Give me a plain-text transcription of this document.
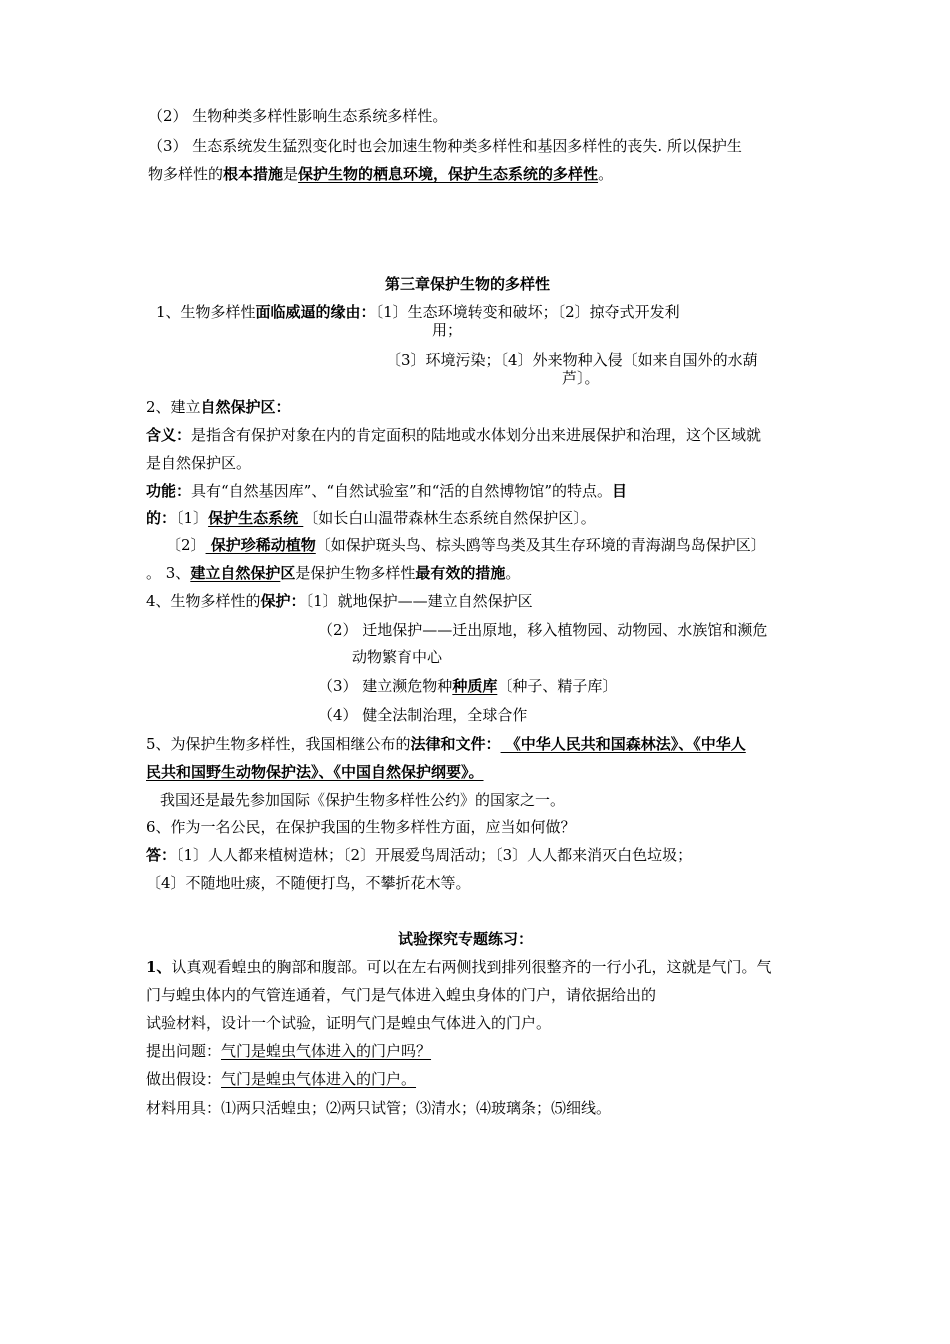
（2） 生物种类多样性影响生态系统多样性。
（3） 生态系统发生猛烈变化时也会加速生物种类多样性和基因多样性的丧失. 所以保护生
物多样性的根本措施是保护生物的栖息环境，保护生态系统的多样性。
第三章保护生物的多样性
1、生物多样性面临威逼的缘由：〔1〕生态环境转变和破坏；〔2〕掠夺式开发利
用；
〔3〕环境污染；〔4〕外来物种入侵〔如来自国外的水葫
芦〕。
2、建立自然保护区：
含义：是指含有保护对象在内的肯定面积的陆地或水体划分出来进展保护和治理，这个区域就
是自然保护区。
功能：具有“自然基因库”、“自然试验室”和“活的自然博物馆”的特点。目
的：〔1〕保护生态系统 〔如长白山温带森林生态系统自然保护区〕。
〔2〕 保护珍稀动植物〔如保护斑头鸟、棕头鸥等鸟类及其生存环境的青海湖鸟岛保护区〕
。 3、建立自然保护区是保护生物多样性最有效的措施。
4、生物多样性的保护：〔1〕就地保护——建立自然保护区
（2） 迁地保护——迁出原地，移入植物园、动物园、水族馆和濒危
动物繁育中心
（3） 建立濒危物种种质库〔种子、精子库〕
（4） 健全法制治理，全球合作
5、为保护生物多样性，我国相继公布的法律和文件： 《中华人民共和国森林法》、《中华人
民共和国野生动物保护法》、《中国自然保护纲要》。
我国还是最先参加国际《保护生物多样性公约》的国家之一。
6、作为一名公民，在保护我国的生物多样性方面，应当如何做？
答：〔1〕人人都来植树造林；〔2〕开展爱鸟周活动；〔3〕人人都来消灭白色垃圾；
〔4〕不随地吐痰，不随便打鸟，不攀折花木等。
试验探究专题练习：
1、认真观看蝗虫的胸部和腹部。可以在左右两侧找到排列很整齐的一行小孔，这就是气门。气
门与蝗虫体内的气管连通着，气门是气体进入蝗虫身体的门户，请依据给出的
试验材料，设计一个试验，证明气门是蝗虫气体进入的门户。
提出问题：气门是蝗虫气体进入的门户吗？
做出假设：气门是蝗虫气体进入的门户。
材料用具：⑴两只活蝗虫；⑵两只试管；⑶清水；⑷玻璃条；⑸细线。
